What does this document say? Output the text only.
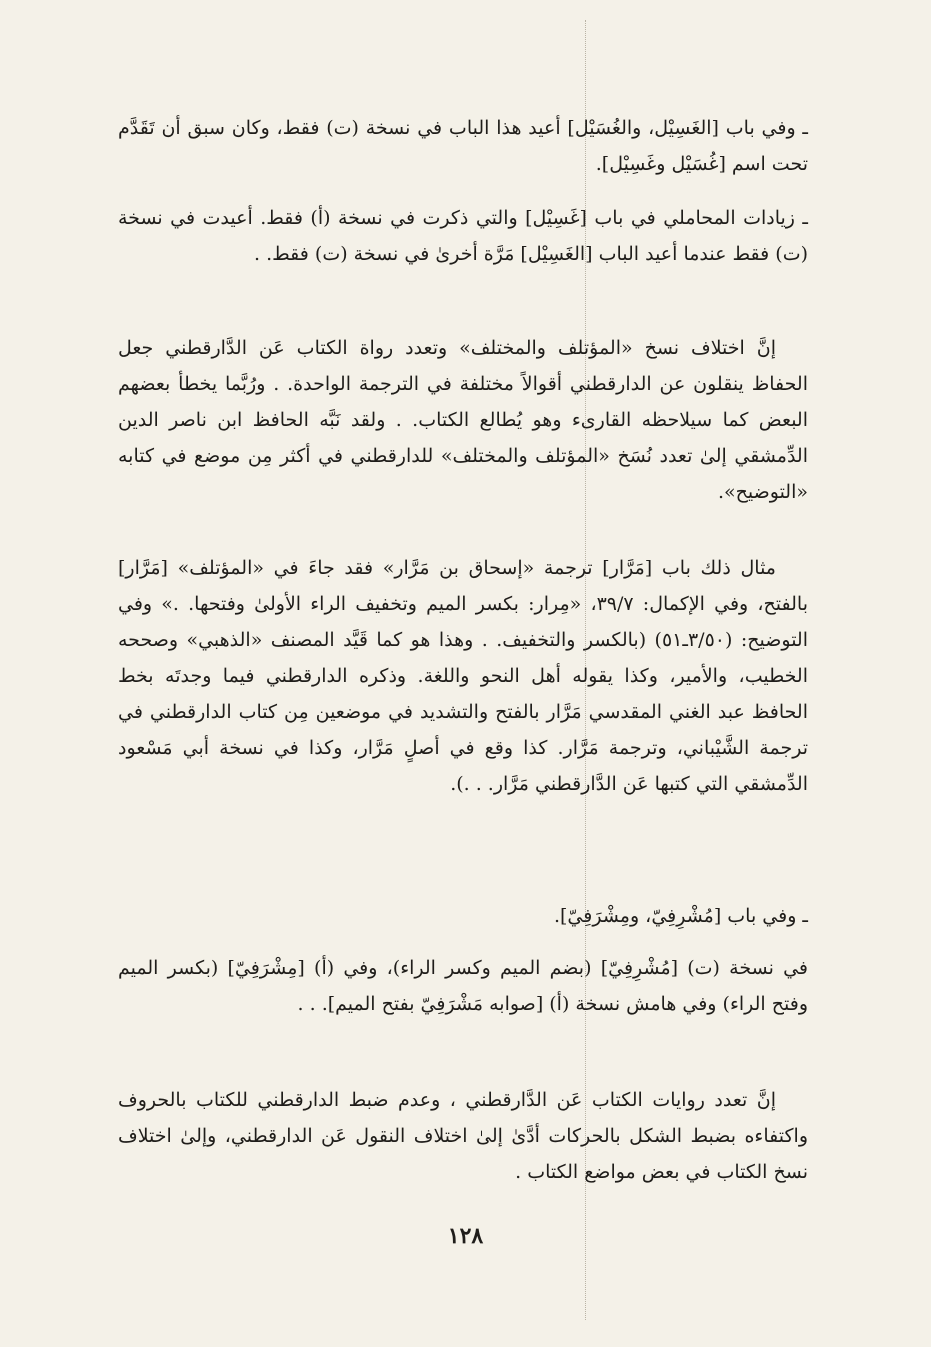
ـ وفي باب [الغَسِيْل، والغُسَيْل] أعيد هذا الباب في نسخة (ت) فقط، وكان سبق أن تَقَدَّم تحت اسم [غُسَيْل وغَسِيْل].

ـ زيادات المحاملي في باب [غَسِيْل] والتي ذكرت في نسخة (أ) فقط. أعيدت في نسخة (ت) فقط عندما أعيد الباب [الغَسِيْل] مَرَّة أخرىٰ في نسخة (ت) فقط. .

إنَّ اختلاف نسخ «المؤتلف والمختلف» وتعدد رواة الكتاب عَن الدَّارقطني جعل الحفاظ ينقلون عن الدارقطني أقوالاً مختلفة في الترجمة الواحدة. . ورُبَّما يخطأ بعضهم البعض كما سيلاحظه القارىء وهو يُطالع الكتاب. . ولقد نَبَّه الحافظ ابن ناصر الدين الدِّمشقي إلىٰ تعدد نُسَخ «المؤتلف والمختلف» للدارقطني في أكثر مِن موضع في كتابه «التوضيح».

مثال ذلك باب [مَرَّار] ترجمة «إسحاق بن مَرَّار» فقد جاءَ في «المؤتلف» [مَرَّار] بالفتح، وفي الإكمال: ٣٩/٧، «مِرار: بكسر الميم وتخفيف الراء الأولىٰ وفتحها. .» وفي التوضيح: (٣/٥٠ـ٥١) (بالكسر والتخفيف. . وهذا هو كما قَيَّد المصنف «الذهبي» وصححه الخطيب، والأمير، وكذا يقوله أهل النحو واللغة. وذكره الدارقطني فيما وجدتَه بخط الحافظ عبد الغني المقدسي مَرَّار بالفتح والتشديد في موضعين مِن كتاب الدارقطني في ترجمة الشَّيْباني، وترجمة مَرَّار. كذا وقع في أصلٍ مَرَّار، وكذا في نسخة أبي مَسْعود الدِّمشقي التي كتبها عَن الدَّارقطني مَرَّار. . .).

ـ وفي باب [مُشْرِفِيّ، ومِشْرَفِيّ].

في نسخة (ت) [مُشْرِفِيّ] (بضم الميم وكسر الراء)، وفي (أ) [مِشْرَفِيّ] (بكسر الميم وفتح الراء) وفي هامش نسخة (أ) [صوابه مَشْرَفِيّ بفتح الميم]. . .

إنَّ تعدد روايات الكتاب عَن الدَّارقطني ، وعدم ضبط الدارقطني للكتاب بالحروف واكتفاءه بضبط الشكل بالحركات أدَّىٰ إلىٰ اختلاف النقول عَن الدارقطني، وإلىٰ اختلاف نسخ الكتاب في بعض مواضع الكتاب .

١٢٨
